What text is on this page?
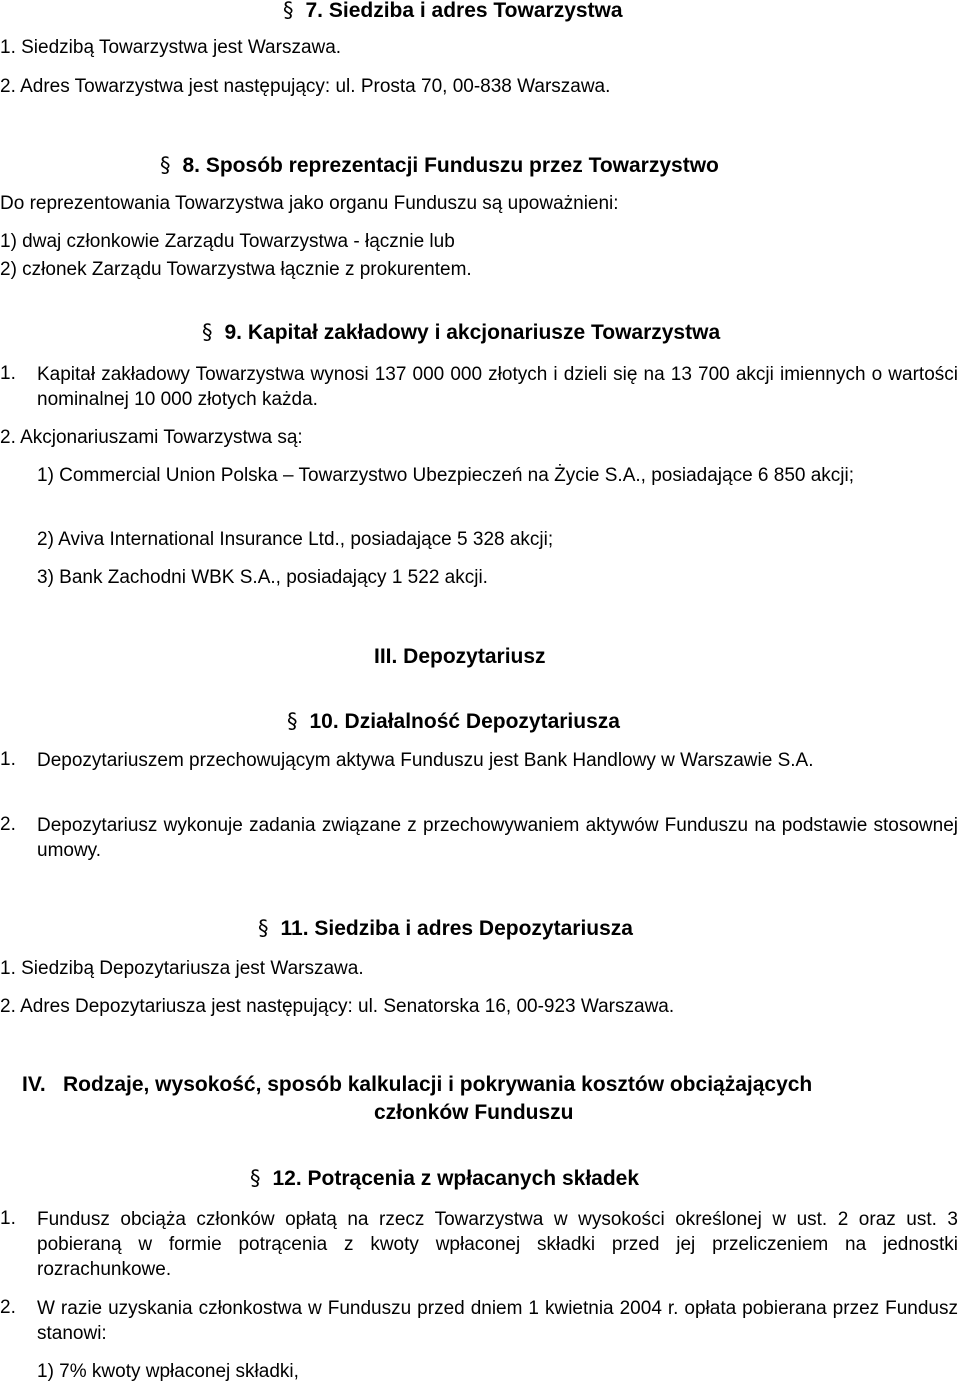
§ 7. Siedziba i adres Towarzystwa
1. Siedzibą Towarzystwa jest Warszawa.
2. Adres Towarzystwa jest następujący: ul. Prosta 70, 00-838 Warszawa.
§ 8. Sposób reprezentacji Funduszu przez Towarzystwo
Do reprezentowania Towarzystwa jako organu Funduszu są upoważnieni:
1) dwaj członkowie Zarządu Towarzystwa - łącznie lub
2) członek Zarządu Towarzystwa łącznie z prokurentem.
§ 9. Kapitał zakładowy i akcjonariusze Towarzystwa
1. Kapitał zakładowy Towarzystwa wynosi 137 000 000 złotych i dzieli się na 13 700 akcji imiennych o wartości nominalnej 10 000 złotych każda.
2. Akcjonariuszami Towarzystwa są:
1) Commercial Union Polska – Towarzystwo Ubezpieczeń na Życie S.A., posiadające 6 850 akcji;
2) Aviva International Insurance Ltd., posiadające 5 328 akcji;
3) Bank Zachodni WBK S.A., posiadający 1 522 akcji.
III. Depozytariusz
§ 10. Działalność Depozytariusza
1. Depozytariuszem przechowującym aktywa Funduszu jest Bank Handlowy w Warszawie S.A.
2. Depozytariusz wykonuje zadania związane z przechowywaniem aktywów Funduszu na podstawie stosownej umowy.
§ 11. Siedziba i adres Depozytariusza
1. Siedzibą Depozytariusza jest Warszawa.
2. Adres Depozytariusza jest następujący: ul. Senatorska 16, 00-923 Warszawa.
IV. Rodzaje, wysokość, sposób kalkulacji i pokrywania kosztów obciążających
członków Funduszu
§ 12. Potrącenia z wpłacanych składek
1. Fundusz obciąża członków opłatą na rzecz Towarzystwa w wysokości określonej w ust. 2 oraz ust. 3 pobieraną w formie potrącenia z kwoty wpłaconej składki przed jej przeliczeniem na jednostki rozrachunkowe.
2. W razie uzyskania członkostwa w Funduszu przed dniem 1 kwietnia 2004 r. opłata pobierana przez Fundusz stanowi:
1) 7% kwoty wpłaconej składki,
